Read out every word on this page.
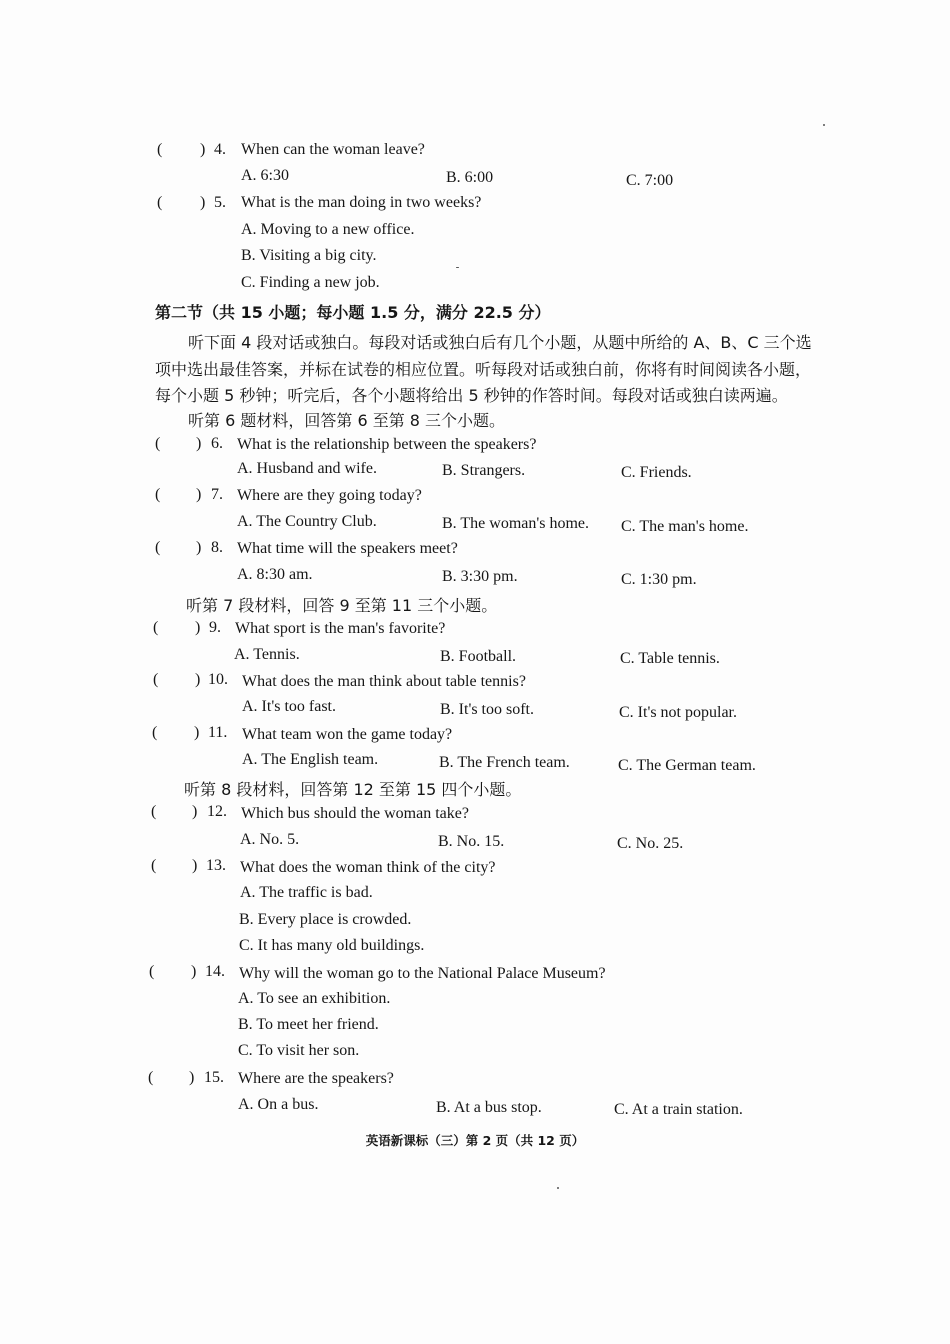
( ) 4. When can the woman leave?
A. 6:30	B. 6:00	C. 7:00
( ) 5. What is the man doing in two weeks?
A. Moving to a new office.
B. Visiting a big city.
C. Finding a new job.
第二节（共 15 小题；每小题 1.5 分，满分 22.5 分）
听下面 4 段对话或独白。每段对话或独白后有几个小题，从题中所给的 A、B、C 三个选
项中选出最佳答案，并标在试卷的相应位置。听每段对话或独白前，你将有时间阅读各小题，
每个小题 5 秒钟；听完后，各个小题将给出 5 秒钟的作答时间。每段对话或独白读两遍。
听第 6 题材料，回答第 6 至第 8 三个小题。
( ) 6. What is the relationship between the speakers?
A. Husband and wife.	B. Strangers.	C. Friends.
( ) 7. Where are they going today?
A. The Country Club.	B. The woman's home. C. The man's home.
( ) 8. What time will the speakers meet?
A. 8:30 am.	B. 3:30 pm.	C. 1:30 pm.
听第 7 段材料，回答 9 至第 11 三个小题。
( ) 9. What sport is the man's favorite?
A. Tennis.	B. Football.	C. Table tennis.
( ) 10. What does the man think about table tennis?
A. It's too fast.	B. It's too soft.	C. It's not popular.
( ) 11. What team won the game today?
A. The English team.	B. The French team.	C. The German team.
听第 8 段材料，回答第 12 至第 15 四个小题。
( ) 12. Which bus should the woman take?
A. No. 5.	B. No. 15.	C. No. 25.
( ) 13. What does the woman think of the city?
A. The traffic is bad.
B. Every place is crowded.
C. It has many old buildings.
( ) 14. Why will the woman go to the National Palace Museum?
A. To see an exhibition.
B. To meet her friend.
C. To visit her son.
( ) 15. Where are the speakers?
A. On a bus.	B. At a bus stop.	C. At a train station.
英语新课标（三）第 2 页（共 12 页）
